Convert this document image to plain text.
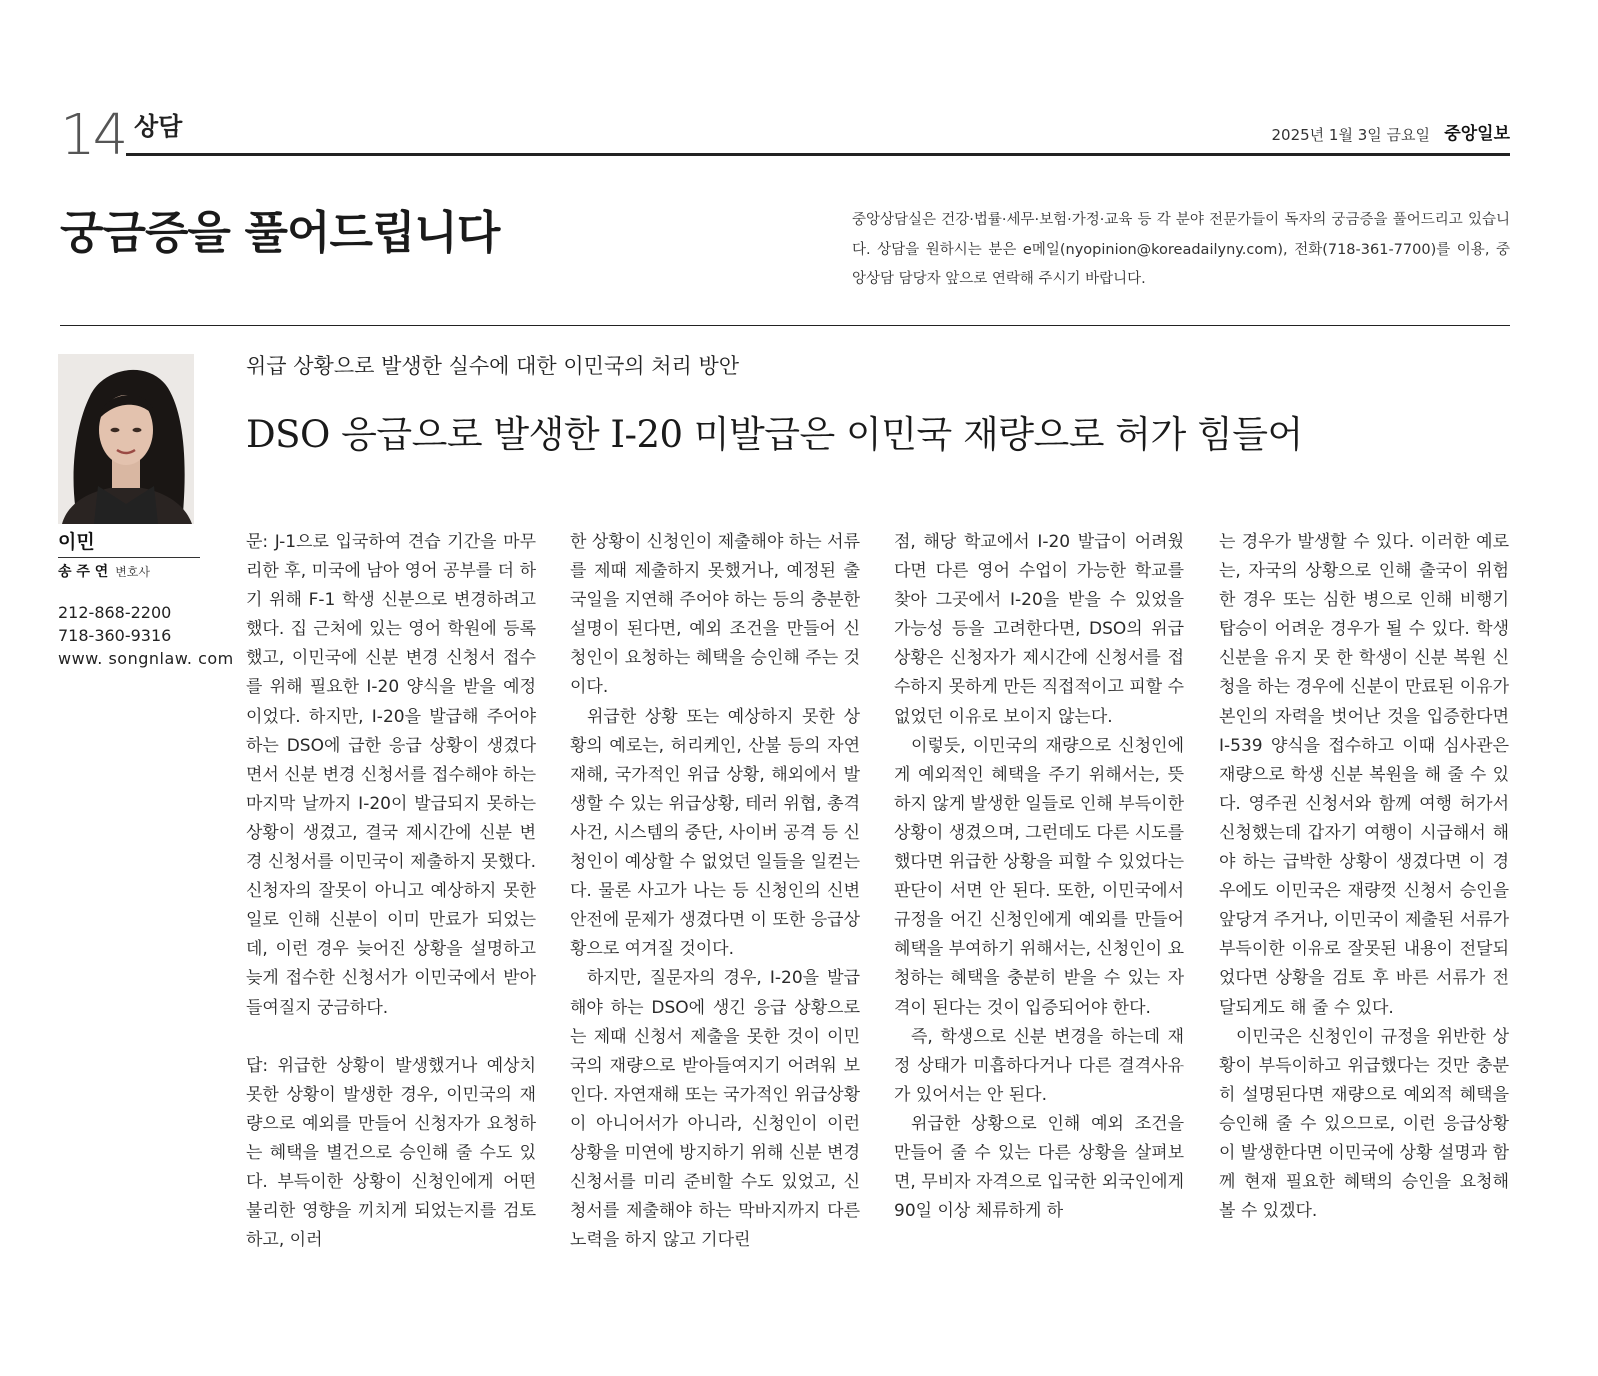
14 상담	2025년 1월 3일 금요일 중앙일보
궁금증을 풀어드립니다	중앙상담실은 건강·법률·세무·보험·가정·교육 등 각 분야 전문가들이 독자의 궁금증을 풀어드리고 있습니다. 상담을 원하시는 분은 e메일(nyopinion@koreadailyny.com), 전화(718-361-7700)를 이용, 중앙상담 담당자 앞으로 연락해 주시기 바랍니다.
이민
송 주 연 변호사
212-868-2200
718-360-9316
www. songnlaw. com
위급 상황으로 발생한 실수에 대한 이민국의 처리 방안
DSO 응급으로 발생한 I-20 미발급은 이민국 재량으로 허가 힘들어

문: J-1으로 입국하여 견습 기간을 마무리한 후, 미국에 남아 영어 공부를 더 하기 위해 F-1 학생 신분으로 변경하려고 했다. 집 근처에 있는 영어 학원에 등록했고, 이민국에 신분 변경 신청서 접수를 위해 필요한 I-20 양식을 받을 예정이었다. 하지만, I-20을 발급해 주어야 하는 DSO에 급한 응급 상황이 생겼다면서 신분 변경 신청서를 접수해야 하는 마지막 날까지 I-20이 발급되지 못하는 상황이 생겼고, 결국 제시간에 신분 변경 신청서를 이민국이 제출하지 못했다. 신청자의 잘못이 아니고 예상하지 못한 일로 인해 신분이 이미 만료가 되었는데, 이런 경우 늦어진 상황을 설명하고 늦게 접수한 신청서가 이민국에서 받아들여질지 궁금하다.

답: 위급한 상황이 발생했거나 예상치 못한 상황이 발생한 경우, 이민국의 재량으로 예외를 만들어 신청자가 요청하는 혜택을 별건으로 승인해 줄 수도 있다. 부득이한 상황이 신청인에게 어떤 불리한 영향을 끼치게 되었는지를 검토하고, 이러

한 상황이 신청인이 제출해야 하는 서류를 제때 제출하지 못했거나, 예정된 출국일을 지연해 주어야 하는 등의 충분한 설명이 된다면, 예외 조건을 만들어 신청인이 요청하는 혜택을 승인해 주는 것이다.

위급한 상황 또는 예상하지 못한 상황의 예로는, 허리케인, 산불 등의 자연재해, 국가적인 위급 상황, 해외에서 발생할 수 있는 위급상황, 테러 위협, 총격 사건, 시스템의 중단, 사이버 공격 등 신청인이 예상할 수 없었던 일들을 일컫는다. 물론 사고가 나는 등 신청인의 신변 안전에 문제가 생겼다면 이 또한 응급상황으로 여겨질 것이다.

하지만, 질문자의 경우, I-20을 발급해야 하는 DSO에 생긴 응급 상황으로는 제때 신청서 제출을 못한 것이 이민국의 재량으로 받아들여지기 어려워 보인다. 자연재해 또는 국가적인 위급상황이 아니어서가 아니라, 신청인이 이런 상황을 미연에 방지하기 위해 신분 변경 신청서를 미리 준비할 수도 있었고, 신청서를 제출해야 하는 막바지까지 다른 노력을 하지 않고 기다린

점, 해당 학교에서 I-20 발급이 어려웠다면 다른 영어 수업이 가능한 학교를 찾아 그곳에서 I-20을 받을 수 있었을 가능성 등을 고려한다면, DSO의 위급 상황은 신청자가 제시간에 신청서를 접수하지 못하게 만든 직접적이고 피할 수 없었던 이유로 보이지 않는다.

이렇듯, 이민국의 재량으로 신청인에게 예외적인 혜택을 주기 위해서는, 뜻하지 않게 발생한 일들로 인해 부득이한 상황이 생겼으며, 그런데도 다른 시도를 했다면 위급한 상황을 피할 수 있었다는 판단이 서면 안 된다. 또한, 이민국에서 규정을 어긴 신청인에게 예외를 만들어 혜택을 부여하기 위해서는, 신청인이 요청하는 혜택을 충분히 받을 수 있는 자격이 된다는 것이 입증되어야 한다.

즉, 학생으로 신분 변경을 하는데 재정 상태가 미흡하다거나 다른 결격사유가 있어서는 안 된다.

위급한 상황으로 인해 예외 조건을 만들어 줄 수 있는 다른 상황을 살펴보면, 무비자 자격으로 입국한 외국인에게 90일 이상 체류하게 하

는 경우가 발생할 수 있다. 이러한 예로는, 자국의 상황으로 인해 출국이 위험한 경우 또는 심한 병으로 인해 비행기 탑승이 어려운 경우가 될 수 있다. 학생 신분을 유지 못 한 학생이 신분 복원 신청을 하는 경우에 신분이 만료된 이유가 본인의 자력을 벗어난 것을 입증한다면 I-539 양식을 접수하고 이때 심사관은 재량으로 학생 신분 복원을 해 줄 수 있다. 영주권 신청서와 함께 여행 허가서 신청했는데 갑자기 여행이 시급해서 해야 하는 급박한 상황이 생겼다면 이 경우에도 이민국은 재량껏 신청서 승인을 앞당겨 주거나, 이민국이 제출된 서류가 부득이한 이유로 잘못된 내용이 전달되었다면 상황을 검토 후 바른 서류가 전달되게도 해 줄 수 있다.

이민국은 신청인이 규정을 위반한 상황이 부득이하고 위급했다는 것만 충분히 설명된다면 재량으로 예외적 혜택을 승인해 줄 수 있으므로, 이런 응급상황이 발생한다면 이민국에 상황 설명과 함께 현재 필요한 혜택의 승인을 요청해 볼 수 있겠다.
